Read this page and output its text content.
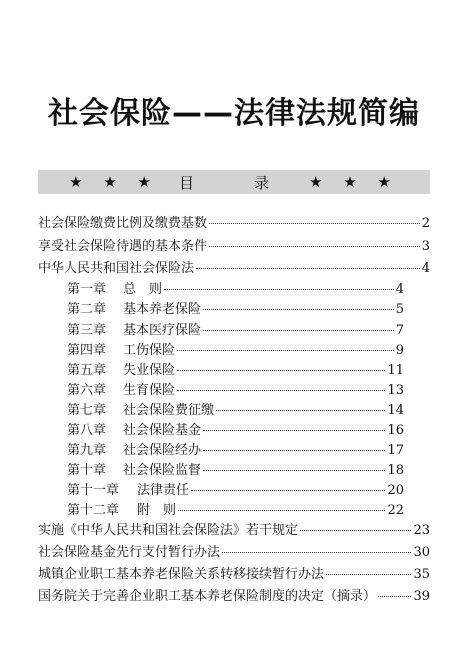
社会保险——法律法规简编
★ ★ ★ 目	录 ★ ★ ★
社会保险缴费比例及缴费基数	2
享受社会保险待遇的基本条件	3
中华人民共和国社会保险法	4
第一章 总　则	4
第二章 基本养老保险	5
第三章 基本医疗保险	7
第四章 工伤保险	9
第五章 失业保险	11
第六章 生育保险	13
第七章 社会保险费征缴	14
第八章 社会保险基金	16
第九章 社会保险经办	17
第十章 社会保险监督	18
第十一章 法律责任	20
第十二章 附　则	22
实施《中华人民共和国社会保险法》若干规定	23
社会保险基金先行支付暂行办法	30
城镇企业职工基本养老保险关系转移接续暂行办法	35
国务院关于完善企业职工基本养老保险制度的决定（摘录）	39
